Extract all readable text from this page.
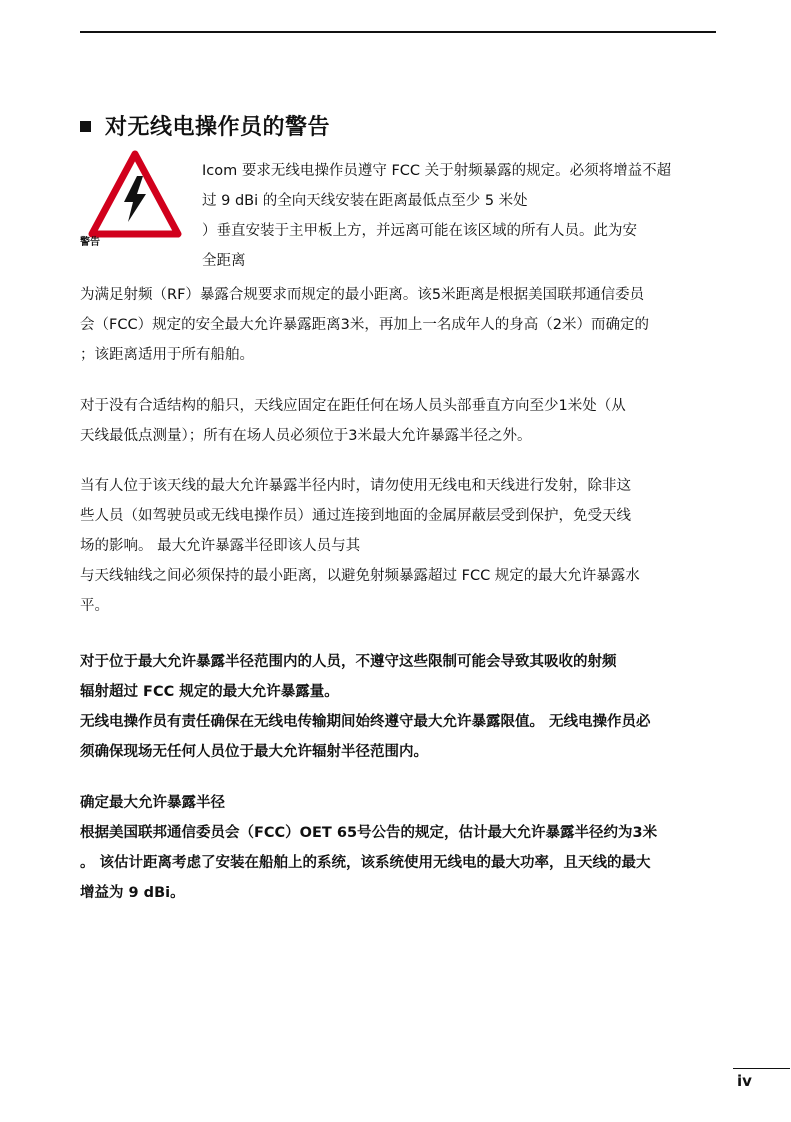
对无线电操作员的警告
警告
Icom 要求无线电操作员遵守 FCC 关于射频暴露的规定。必须将增益不超
过 9 dBi 的全向天线安装在距离最低点至少 5 米处
）垂直安装于主甲板上方，并远离可能在该区域的所有人员。此为安
全距离
为满足射频（RF）暴露合规要求而规定的最小距离。该5米距离是根据美国联邦通信委员
会（FCC）规定的安全最大允许暴露距离3米，再加上一名成年人的身高（2米）而确定的
；该距离适用于所有船舶。
对于没有合适结构的船只，天线应固定在距任何在场人员头部垂直方向至少1米处（从
天线最低点测量）；所有在场人员必须位于3米最大允许暴露半径之外。
当有人位于该天线的最大允许暴露半径内时，请勿使用无线电和天线进行发射，除非这
些人员（如驾驶员或无线电操作员）通过连接到地面的金属屏蔽层受到保护，免受天线
场的影响。 最大允许暴露半径即该人员与其
与天线轴线之间必须保持的最小距离，以避免射频暴露超过 FCC 规定的最大允许暴露水
平。
对于位于最大允许暴露半径范围内的人员，不遵守这些限制可能会导致其吸收的射频
辐射超过 FCC 规定的最大允许暴露量。
无线电操作员有责任确保在无线电传输期间始终遵守最大允许暴露限值。 无线电操作员必
须确保现场无任何人员位于最大允许辐射半径范围内。
确定最大允许暴露半径
根据美国联邦通信委员会（FCC）OET 65号公告的规定，估计最大允许暴露半径约为3米
。 该估计距离考虑了安装在船舶上的系统，该系统使用无线电的最大功率，且天线的最大
增益为 9 dBi。
iv
